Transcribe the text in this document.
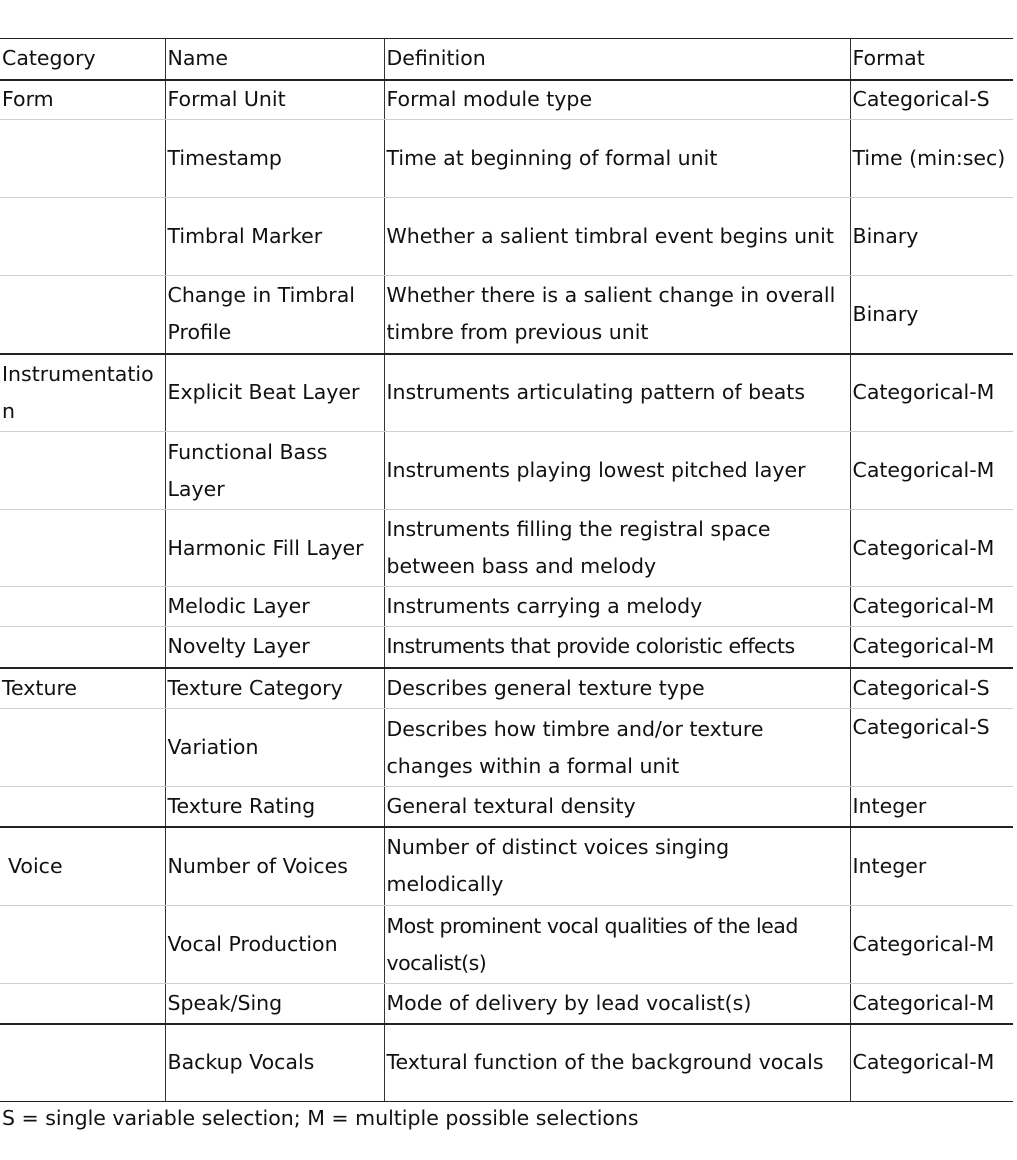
Category	Name	Definition	Format
Form	Formal Unit	Formal module type	Categorical-S
	Timestamp	Time at beginning of formal unit	Time (min:sec)
	Timbral Marker	Whether a salient timbral event begins unit	Binary
	Change in Timbral Profile	Whether there is a salient change in overall timbre from previous unit	Binary
Instrumentation	Explicit Beat Layer	Instruments articulating pattern of beats	Categorical-M
	Functional Bass Layer	Instruments playing lowest pitched layer	Categorical-M
	Harmonic Fill Layer	Instruments filling the registral space between bass and melody	Categorical-M
	Melodic Layer	Instruments carrying a melody	Categorical-M
	Novelty Layer	Instruments that provide coloristic effects	Categorical-M
Texture	Texture Category	Describes general texture type	Categorical-S
	Variation	Describes how timbre and/or texture changes within a formal unit	Categorical-S
	Texture Rating	General textural density	Integer
Voice	Number of Voices	Number of distinct voices singing melodically	Integer
	Vocal Production	Most prominent vocal qualities of the lead vocalist(s)	Categorical-M
	Speak/Sing	Mode of delivery by lead vocalist(s)	Categorical-M
	Backup Vocals	Textural function of the background vocals	Categorical-M
S = single variable selection; M = multiple possible selections
